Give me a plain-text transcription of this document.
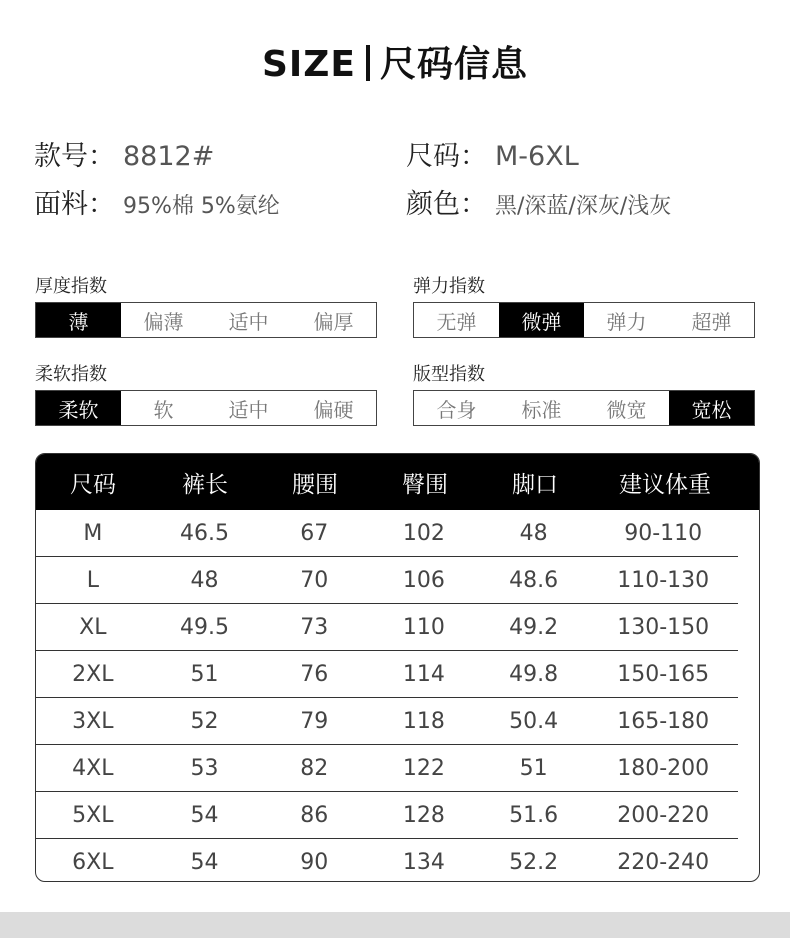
SIZE 尺码信息
款号： 8812#	尺码： M-6XL
面料： 95%棉 5%氨纶	颜色： 黑/深蓝/深灰/浅灰
厚度指数
薄	偏薄	适中	偏厚
弹力指数
无弹	微弹	弹力	超弹
柔软指数
柔软	软	适中	偏硬
版型指数
合身	标准	微宽	宽松
尺码	裤长	腰围	臀围	脚口	建议体重
M	46.5	67	102	48	90-110
L	48	70	106	48.6	110-130
XL	49.5	73	110	49.2	130-150
2XL	51	76	114	49.8	150-165
3XL	52	79	118	50.4	165-180
4XL	53	82	122	51	180-200
5XL	54	86	128	51.6	200-220
6XL	54	90	134	52.2	220-240
